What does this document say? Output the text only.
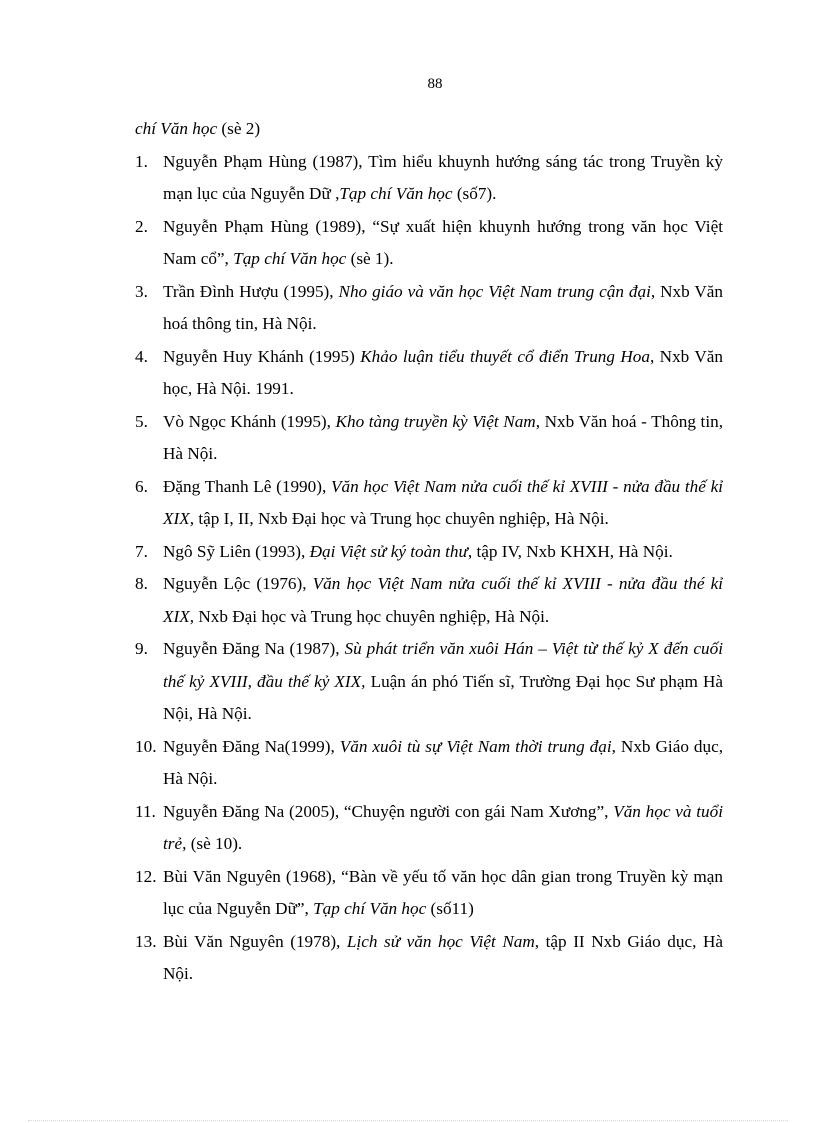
88

chí Văn học (sè 2)

1. Nguyễn Phạm Hùng (1987), Tìm hiểu khuynh hướng sáng tác trong Truyền kỳ mạn lục của Nguyễn Dữ ,Tạp chí Văn học (số7).
2. Nguyễn Phạm Hùng (1989), “Sự xuất hiện khuynh hướng trong văn học Việt Nam cổ”, Tạp chí Văn học (sè 1).
3. Trần Đình Hượu (1995), Nho giáo và văn học Việt Nam trung cận đại, Nxb Văn hoá thông tin, Hà Nội.
4. Nguyễn Huy Khánh (1995) Khảo luận tiểu thuyết cổ điển Trung Hoa, Nxb Văn học, Hà Nội. 1991.
5. Vò Ngọc Khánh (1995), Kho tàng truyền kỳ Việt Nam, Nxb Văn hoá - Thông tin, Hà Nội.
6. Đặng Thanh Lê (1990), Văn học Việt Nam nửa cuối thế kỉ XVIII - nửa đầu thế kỉ XIX, tập I, II, Nxb Đại học và Trung học chuyên nghiệp, Hà Nội.
7. Ngô Sỹ Liên (1993), Đại Việt sử ký toàn thư, tập IV, Nxb KHXH, Hà Nội.
8. Nguyễn Lộc (1976), Văn học Việt Nam nửa cuối thế kỉ XVIII - nửa đầu thé kỉ XIX, Nxb Đại học và Trung học chuyên nghiệp, Hà Nội.
9. Nguyễn Đăng Na (1987), Sù phát triển văn xuôi Hán – Việt từ thế kỷ X đến cuối thế kỷ XVIII, đầu thế kỷ XIX, Luận án phó Tiến sĩ, Trường Đại học Sư phạm Hà Nội, Hà Nội.
10. Nguyễn Đăng Na(1999), Văn xuôi tù sự Việt Nam thời trung đại, Nxb Giáo dục, Hà Nội.
11. Nguyễn Đăng Na (2005), “Chuyện người con gái Nam Xương”, Văn học và tuổi trẻ, (sè 10).
12. Bùi Văn Nguyên (1968), “Bàn về yếu tố văn học dân gian trong Truyền kỳ mạn lục của Nguyễn Dữ”, Tạp chí Văn học (số11)
13. Bùi Văn Nguyên (1978), Lịch sử văn học Việt Nam, tập II Nxb Giáo dục, Hà Nội.
